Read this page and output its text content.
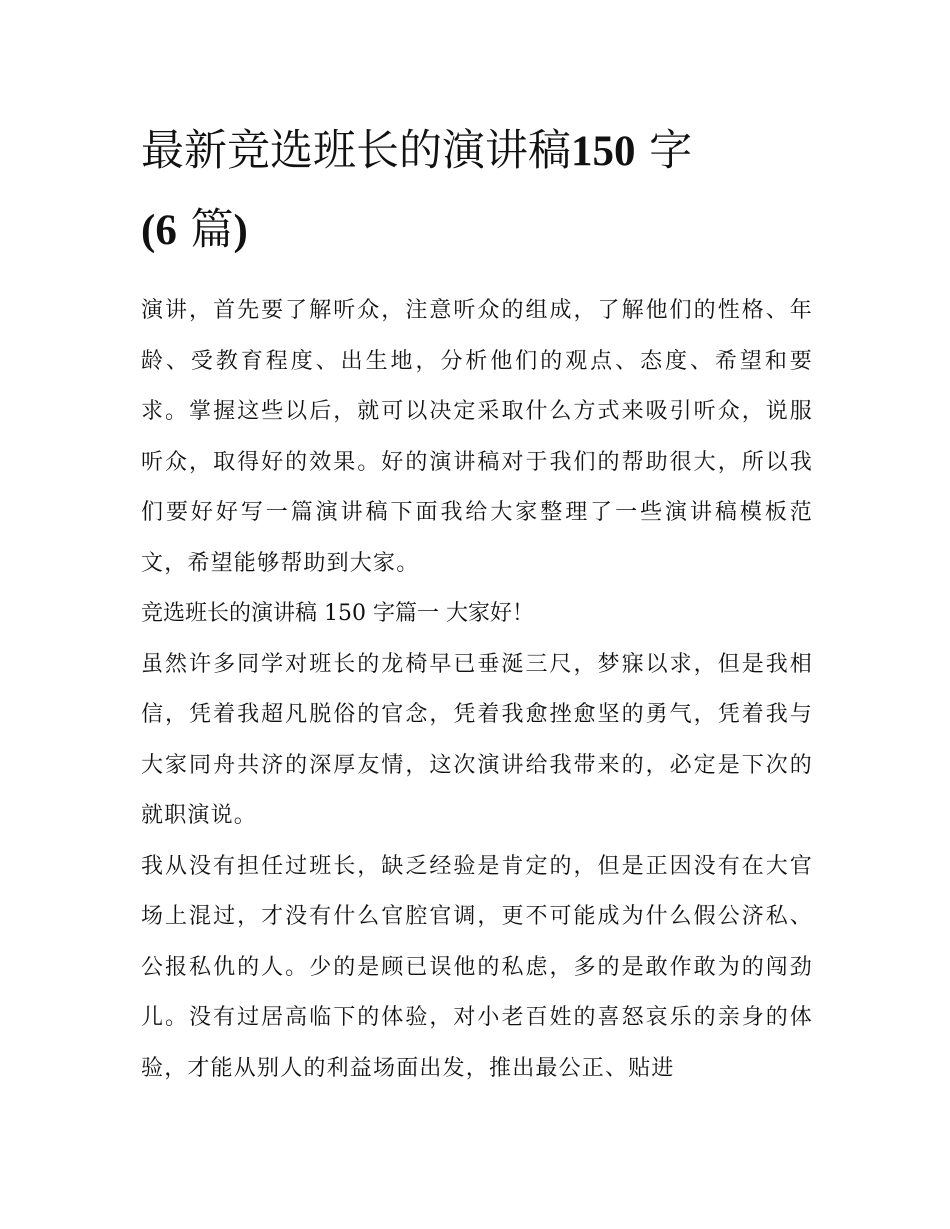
最新竞选班长的演讲稿150 字
(6 篇)

演讲，首先要了解听众，注意听众的组成，了解他们的性格、年龄、受教育程度、出生地，分析他们的观点、态度、希望和要求。掌握这些以后，就可以决定采取什么方式来吸引听众，说服听众，取得好的效果。好的演讲稿对于我们的帮助很大，所以我们要好好写一篇演讲稿下面我给大家整理了一些演讲稿模板范文，希望能够帮助到大家。

竞选班长的演讲稿 150 字篇一 大家好！

虽然许多同学对班长的龙椅早已垂涎三尺，梦寐以求，但是我相信，凭着我超凡脱俗的官念，凭着我愈挫愈坚的勇气，凭着我与大家同舟共济的深厚友情，这次演讲给我带来的，必定是下次的就职演说。

我从没有担任过班长，缺乏经验是肯定的，但是正因没有在大官场上混过，才没有什么官腔官调，更不可能成为什么假公济私、公报私仇的人。少的是顾已误他的私虑，多的是敢作敢为的闯劲儿。没有过居高临下的体验，对小老百姓的喜怒哀乐的亲身的体验，才能从别人的利益场面出发，推出最公正、贴进
